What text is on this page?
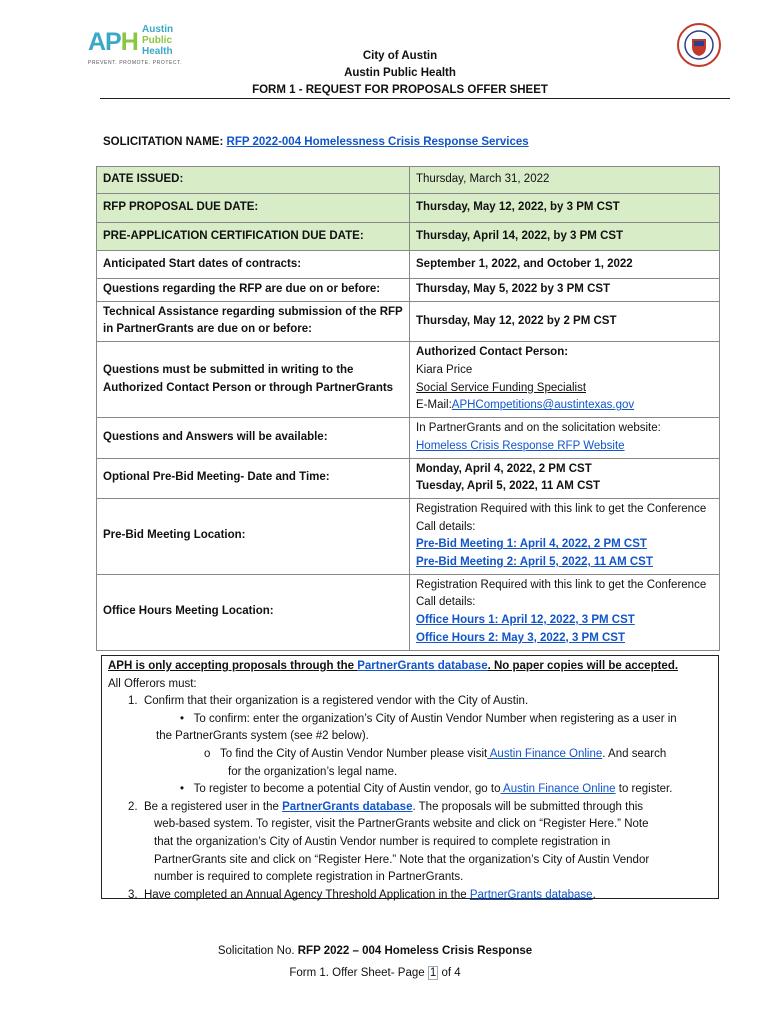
APH Austin
Public
Health
PREVENT. PROMOTE. PROTECT.
City of Austin
Austin Public Health
FORM 1 - REQUEST FOR PROPOSALS OFFER SHEET
SOLICITATION NAME: RFP 2022-004 Homelessness Crisis Response Services
DATE ISSUED:	Thursday, March 31, 2022
RFP PROPOSAL DUE DATE:	Thursday, May 12, 2022, by 3 PM CST
PRE-APPLICATION CERTIFICATION DUE DATE:	Thursday, April 14, 2022, by 3 PM CST
Anticipated Start dates of contracts:	September 1, 2022, and October 1, 2022
Questions regarding the RFP are due on or before:	Thursday, May 5, 2022 by 3 PM CST
Technical Assistance regarding submission of the RFP in PartnerGrants are due on or before:	Thursday, May 12, 2022 by 2 PM CST
Questions must be submitted in writing to the Authorized Contact Person or through PartnerGrants	Authorized Contact Person:
Kiara Price
Social Service Funding Specialist
E-Mail:APHCompetitions@austintexas.gov

Questions and Answers will be available:	In PartnerGrants and on the solicitation website:
Homeless Crisis Response RFP Website

Optional Pre-Bid Meeting- Date and Time:	Monday, April 4, 2022, 2 PM CST
Tuesday, April 5, 2022, 11 AM CST

Pre-Bid Meeting Location:	Registration Required with this link to get the Conference Call details:
Pre-Bid Meeting 1: April 4, 2022, 2 PM CST
Pre-Bid Meeting 2: April 5, 2022, 11 AM CST

Office Hours Meeting Location:	Registration Required with this link to get the Conference Call details:
Office Hours 1: April 12, 2022, 3 PM CST
Office Hours 2: May 3, 2022, 3 PM CST

APH is only accepting proposals through the PartnerGrants database. No paper copies will be accepted.

All Offerors must:

1. Confirm that their organization is a registered vendor with the City of Austin.

• To confirm: enter the organization’s City of Austin Vendor Number when registering as a user in

the PartnerGrants system (see #2 below).

o To find the City of Austin Vendor Number please visit Austin Finance Online. And search

for the organization’s legal name.

• To register to become a potential City of Austin vendor, go to Austin Finance Online to register.

2. Be a registered user in the PartnerGrants database. The proposals will be submitted through this

web-based system. To register, visit the PartnerGrants website and click on “Register Here.” Note

that the organization’s City of Austin Vendor number is required to complete registration in

PartnerGrants site and click on “Register Here.” Note that the organization’s City of Austin Vendor

number is required to complete registration in PartnerGrants.

3. Have completed an Annual Agency Threshold Application in the PartnerGrants database.

Solicitation No. RFP 2022 – 004 Homeless Crisis Response
Form 1. Offer Sheet- Page 1 of 4
